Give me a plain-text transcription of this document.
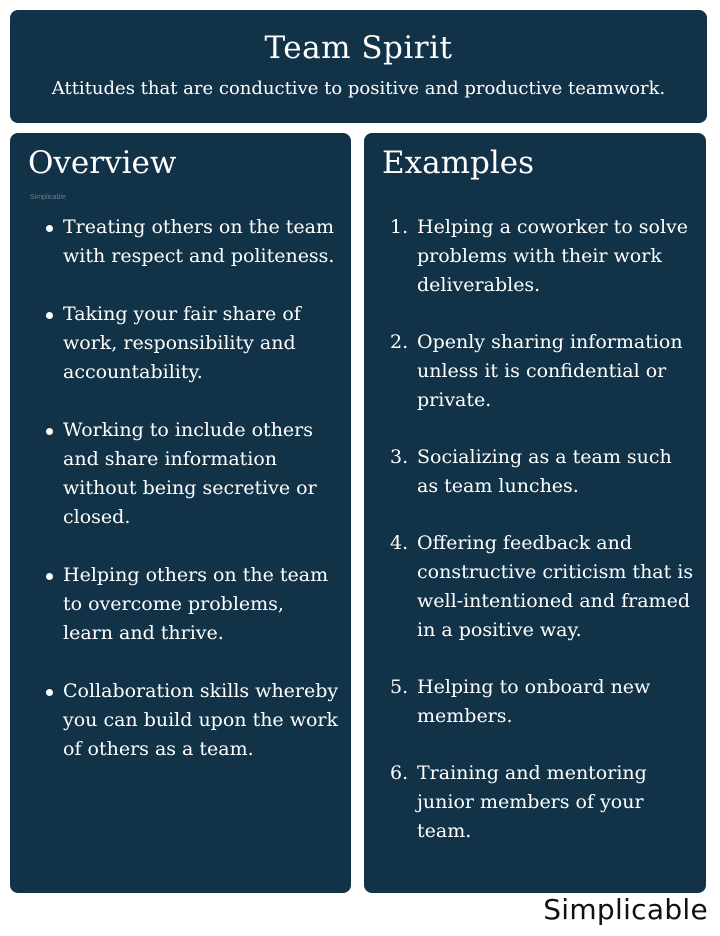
Team Spirit

Attitudes that are conductive to positive and productive teamwork.

Overview
Simplicable
Treating others on the team with respect and politeness.
Taking your fair share of work, responsibility and accountability.
Working to include others and share information without being secretive or closed.
Helping others on the team to overcome problems, learn and thrive.
Collaboration skills whereby you can build upon the work of others as a team.
Examples
1. Helping a coworker to solve problems with their work deliverables.
2. Openly sharing information unless it is confidential or private.
3. Socializing as a team such as team lunches.
4. Offering feedback and constructive criticism that is well-intentioned and framed in a positive way.
5. Helping to onboard new members.
6. Training and mentoring junior members of your team.
Simplicable
